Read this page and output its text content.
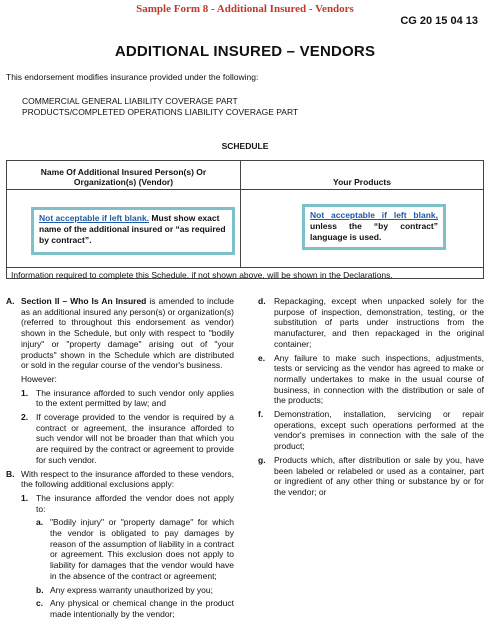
Sample Form 8 - Additional Insured - Vendors
CG 20 15 04 13
ADDITIONAL INSURED – VENDORS
This endorsement modifies insurance provided under the following:
COMMERCIAL GENERAL LIABILITY COVERAGE PART
PRODUCTS/COMPLETED OPERATIONS LIABILITY COVERAGE PART
SCHEDULE
Name Of Additional Insured Person(s) Or
Organization(s) (Vendor)	Your Products
Not acceptable if left blank. Must show exact name of the additional insured or “as required by contract”.
Not acceptable if left blank, unless the “by contract” language is used.
Information required to complete this Schedule, if not shown above, will be shown in the Declarations.
A. Section II – Who Is An Insured is amended to include as an additional insured any person(s) or organization(s) (referred to throughout this endorsement as vendor) shown in the Schedule, but only with respect to "bodily injury" or "property damage" arising out of "your products" shown in the Schedule which are distributed or sold in the regular course of the vendor's business.
However:
1. The insurance afforded to such vendor only applies to the extent permitted by law; and
2. If coverage provided to the vendor is required by a contract or agreement, the insurance afforded to such vendor will not be broader than that which you are required by the contract or agreement to provide for such vendor.
B. With respect to the insurance afforded to these vendors, the following additional exclusions apply:
1. The insurance afforded the vendor does not apply to:
a. "Bodily injury" or "property damage" for which the vendor is obligated to pay damages by reason of the assumption of liability in a contract or agreement. This exclusion does not apply to liability for damages that the vendor would have in the absence of the contract or agreement;
b. Any express warranty unauthorized by you;
c. Any physical or chemical change in the product made intentionally by the vendor;
d. Repackaging, except when unpacked solely for the purpose of inspection, demonstration, testing, or the substitution of parts under instructions from the manufacturer, and then repackaged in the original container;
e. Any failure to make such inspections, adjustments, tests or servicing as the vendor has agreed to make or normally undertakes to make in the usual course of business, in connection with the distribution or sale of the products;
f. Demonstration, installation, servicing or repair operations, except such operations performed at the vendor's premises in connection with the sale of the product;
g. Products which, after distribution or sale by you, have been labeled or relabeled or used as a container, part or ingredient of any other thing or substance by or for the vendor; or
